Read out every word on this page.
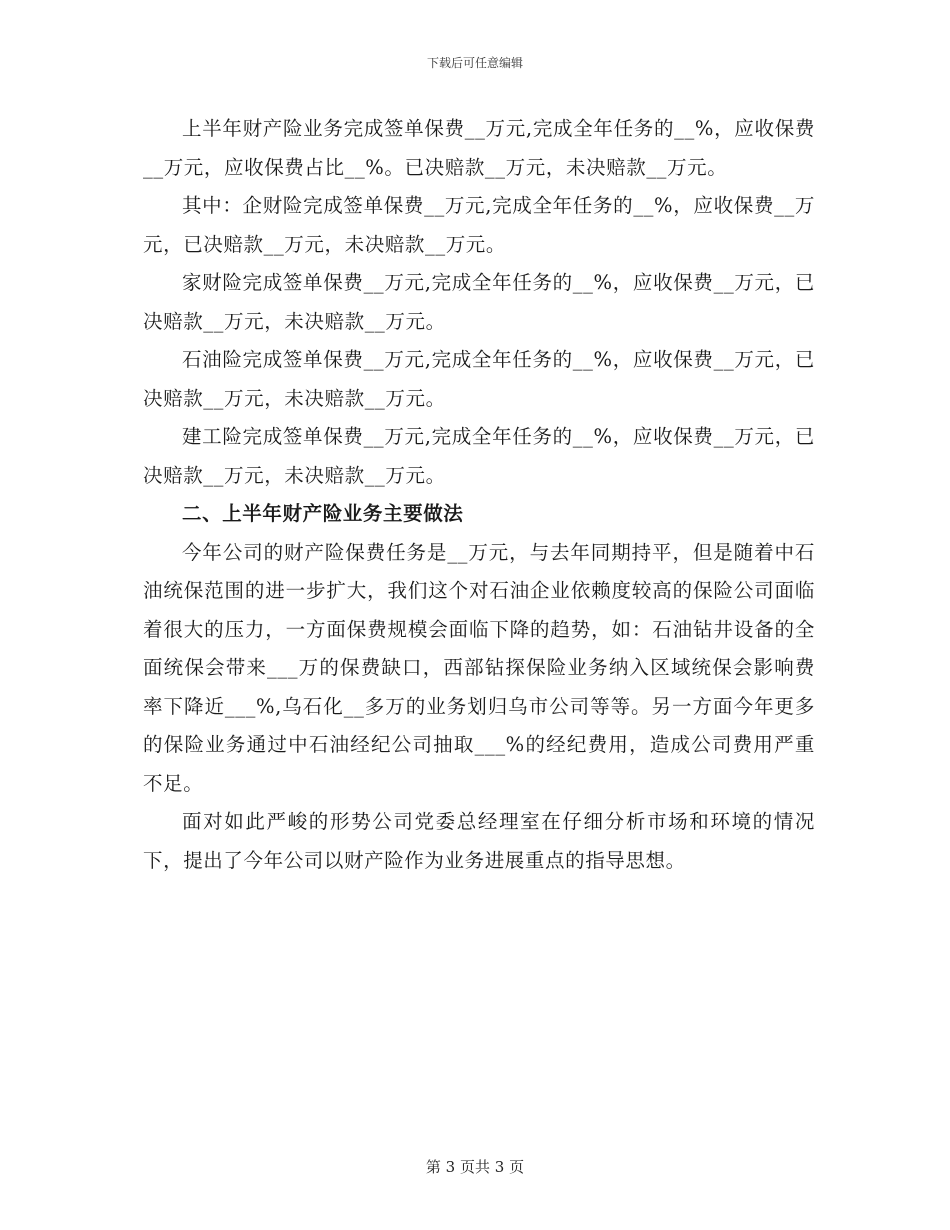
下载后可任意编辑

上半年财产险业务完成签单保费__万元,完成全年任务的__%，应收保费__万元，应收保费占比__%。已决赔款__万元，未决赔款__万元。

其中：企财险完成签单保费__万元,完成全年任务的__%，应收保费__万元，已决赔款__万元，未决赔款__万元。

家财险完成签单保费__万元,完成全年任务的__%，应收保费__万元，已决赔款__万元，未决赔款__万元。

石油险完成签单保费__万元,完成全年任务的__%，应收保费__万元，已决赔款__万元，未决赔款__万元。

建工险完成签单保费__万元,完成全年任务的__%，应收保费__万元，已决赔款__万元，未决赔款__万元。

二、上半年财产险业务主要做法

今年公司的财产险保费任务是__万元，与去年同期持平，但是随着中石油统保范围的进一步扩大，我们这个对石油企业依赖度较高的保险公司面临着很大的压力，一方面保费规模会面临下降的趋势，如：石油钻井设备的全面统保会带来___万的保费缺口，西部钻探保险业务纳入区域统保会影响费率下降近___%,乌石化__多万的业务划归乌市公司等等。另一方面今年更多的保险业务通过中石油经纪公司抽取___%的经纪费用，造成公司费用严重不足。

面对如此严峻的形势公司党委总经理室在仔细分析市场和环境的情况下，提出了今年公司以财产险作为业务进展重点的指导思想。

第 3 页共 3 页
